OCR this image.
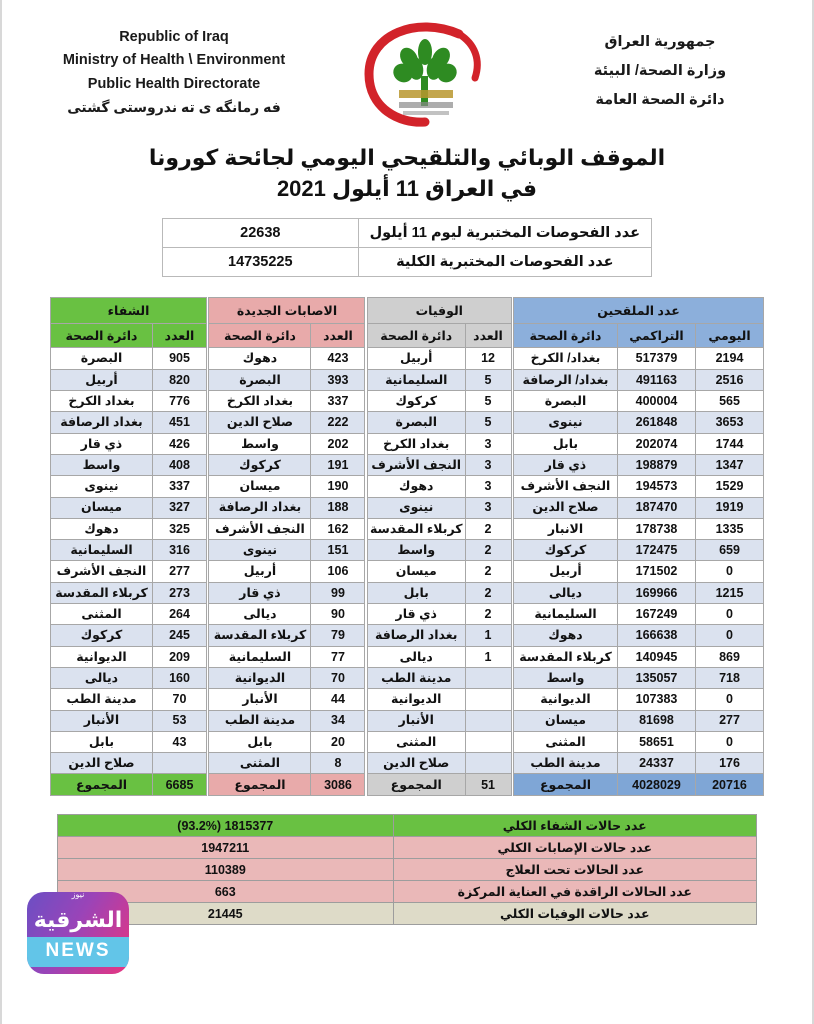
Republic of Iraq
Ministry of Health \ Environment
Public Health Directorate
فه‌ رمانگه‌ ى ته‌ ندروستى گشتى
جمهورية العراق
وزارة الصحة/ البيئة
دائرة الصحة العامة
الموقف الوبائي والتلقيحي اليومي لجائحة كورونا
في العراق 11 أيلول 2021
عدد الفحوصات المختبرية ليوم 11 أيلول	22638
عدد الفحوصات المختبرية الكلية	14735225
عدد الملقحين		
اليومي	التراكمي	دائرة الصحة
2194	517379	بغداد/ الكرخ
2516	491163	بغداد/ الرصافة
565	400004	البصرة
3653	261848	نينوى
1744	202074	بابل
1347	198879	ذي قار
1529	194573	النجف الأشرف
1919	187470	صلاح الدين
1335	178738	الانبار
659	172475	كركوك
0	171502	أربيل
1215	169966	ديالى
0	167249	السليمانية
0	166638	دهوك
869	140945	كربلاء المقدسة
718	135057	واسط
0	107383	الديوانية
277	81698	ميسان
0	58651	المثنى
176	24337	مدينة الطب
20716	4028029	المجموع
الوفيات	
العدد	دائرة الصحة
12	أربيل
5	السليمانية
5	كركوك
5	البصرة
3	بغداد الكرخ
3	النجف الأشرف
3	دهوك
3	نينوى
2	كربلاء المقدسة
2	واسط
2	ميسان
2	بابل
2	ذي قار
1	بغداد الرصافة
1	ديالى
	مدينة الطب
	الديوانية
	الأنبار
	المثنى
	صلاح الدين
51	المجموع
الاصابات الجديدة	
العدد	دائرة الصحة
423	دهوك
393	البصرة
337	بغداد الكرخ
222	صلاح الدين
202	واسط
191	كركوك
190	ميسان
188	بغداد الرصافة
162	النجف الأشرف
151	نينوى
106	أربيل
99	ذي قار
90	ديالى
79	كربلاء المقدسة
77	السليمانية
70	الديوانية
44	الأنبار
34	مدينة الطب
20	بابل
8	المثنى
3086	المجموع
الشفاء	
العدد	دائرة الصحة
905	البصرة
820	أربيل
776	بغداد الكرخ
451	بغداد الرصافة
426	ذي قار
408	واسط
337	نينوى
327	ميسان
325	دهوك
316	السليمانية
277	النجف الأشرف
273	كربلاء المقدسة
264	المثنى
245	كركوك
209	الديوانية
160	ديالى
70	مدينة الطب
53	الأنبار
43	بابل
	صلاح الدين
6685	المجموع
عدد حالات الشفاء الكلي	1815377 (93.2%)
عدد حالات الإصابات الكلي	1947211
عدد الحالات تحت العلاج	110389
عدد الحالات الراقدة في العناية المركزة	663
عدد حالات الوفيات الكلي	21445
نيوز
الشرقية
NEWS
